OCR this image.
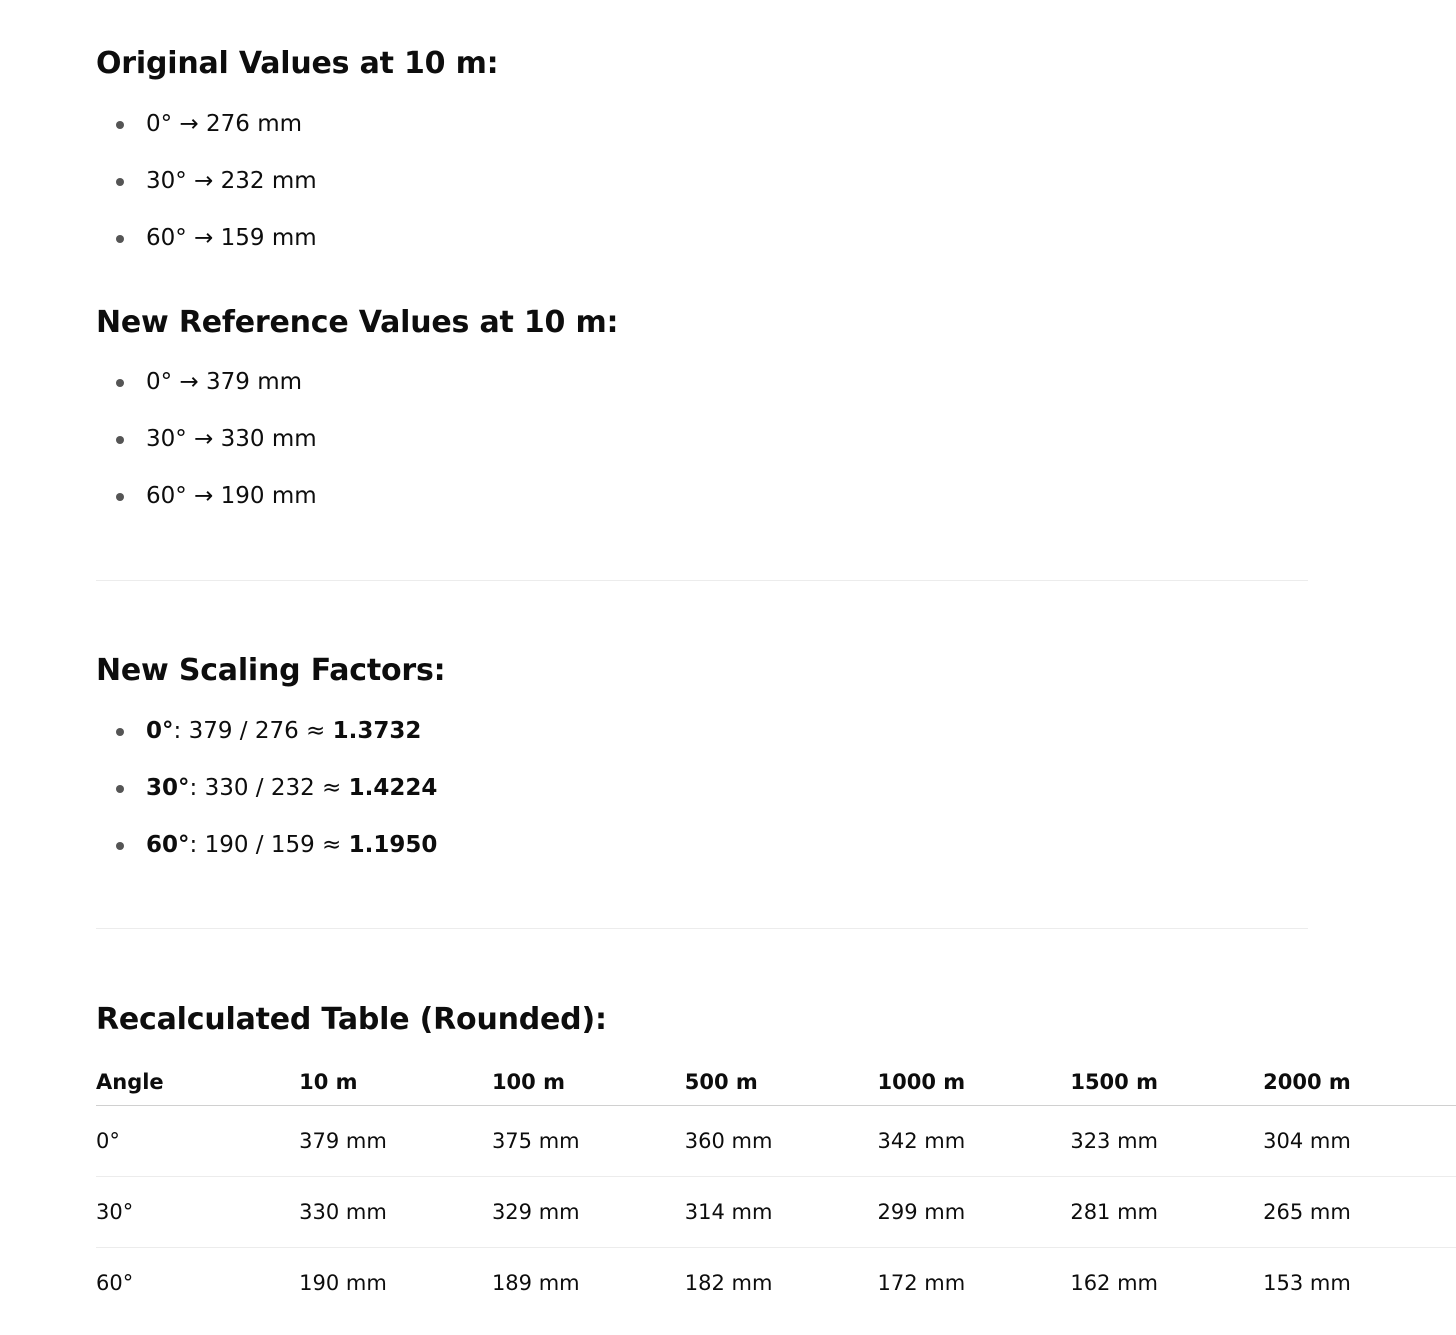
Original Values at 10 m:
0° → 276 mm
30° → 232 mm
60° → 159 mm
New Reference Values at 10 m:
0° → 379 mm
30° → 330 mm
60° → 190 mm
New Scaling Factors:
0°: 379 / 276 ≈ 1.3732
30°: 330 / 232 ≈ 1.4224
60°: 190 / 159 ≈ 1.1950
Recalculated Table (Rounded):
Angle	10 m	100 m	500 m	1000 m	1500 m	2000 m
0°	379 mm	375 mm	360 mm	342 mm	323 mm	304 mm
30°	330 mm	329 mm	314 mm	299 mm	281 mm	265 mm
60°	190 mm	189 mm	182 mm	172 mm	162 mm	153 mm
